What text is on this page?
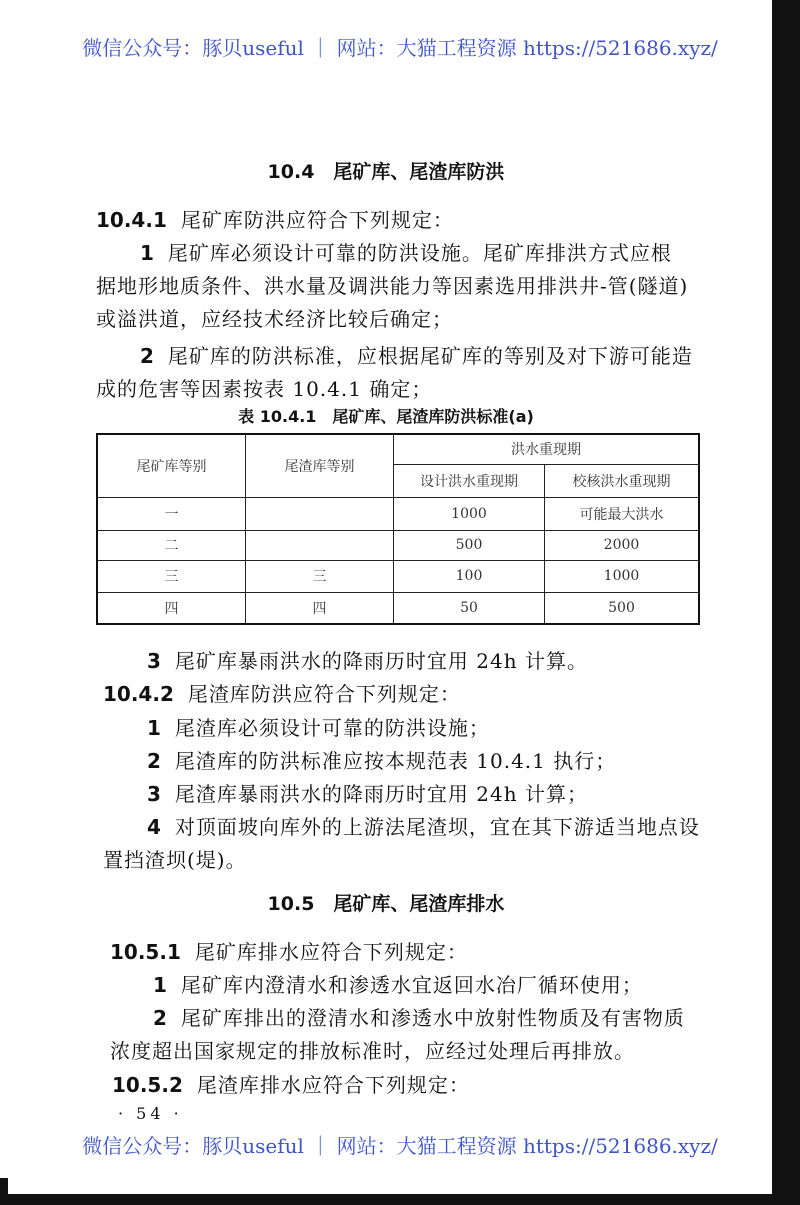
微信公众号：豚贝useful ｜ 网站：大猫工程资源 https://521686.xyz/
10.4　尾矿库、尾渣库防洪
10.4.1 尾矿库防洪应符合下列规定：
1 尾矿库必须设计可靠的防洪设施。尾矿库排洪方式应根
据地形地质条件、洪水量及调洪能力等因素选用排洪井-管(隧道)
或溢洪道，应经技术经济比较后确定；
2 尾矿库的防洪标准，应根据尾矿库的等别及对下游可能造
成的危害等因素按表 10.4.1 确定；
表 10.4.1　尾矿库、尾渣库防洪标准(a)
尾矿库等别	尾渣库等别	洪水重现期	
		设计洪水重现期	校核洪水重现期
一		1000	可能最大洪水
二		500	2000
三	三	100	1000
四	四	50	500
3 尾矿库暴雨洪水的降雨历时宜用 24h 计算。
10.4.2 尾渣库防洪应符合下列规定：
1 尾渣库必须设计可靠的防洪设施；
2 尾渣库的防洪标准应按本规范表 10.4.1 执行；
3 尾渣库暴雨洪水的降雨历时宜用 24h 计算；
4 对顶面坡向库外的上游法尾渣坝，宜在其下游适当地点设
置挡渣坝(堤)。
10.5　尾矿库、尾渣库排水
10.5.1 尾矿库排水应符合下列规定：
1 尾矿库内澄清水和渗透水宜返回水冶厂循环使用；
2 尾矿库排出的澄清水和渗透水中放射性物质及有害物质
浓度超出国家规定的排放标准时，应经过处理后再排放。
10.5.2 尾渣库排水应符合下列规定：
· 54 ·
微信公众号：豚贝useful ｜ 网站：大猫工程资源 https://521686.xyz/
